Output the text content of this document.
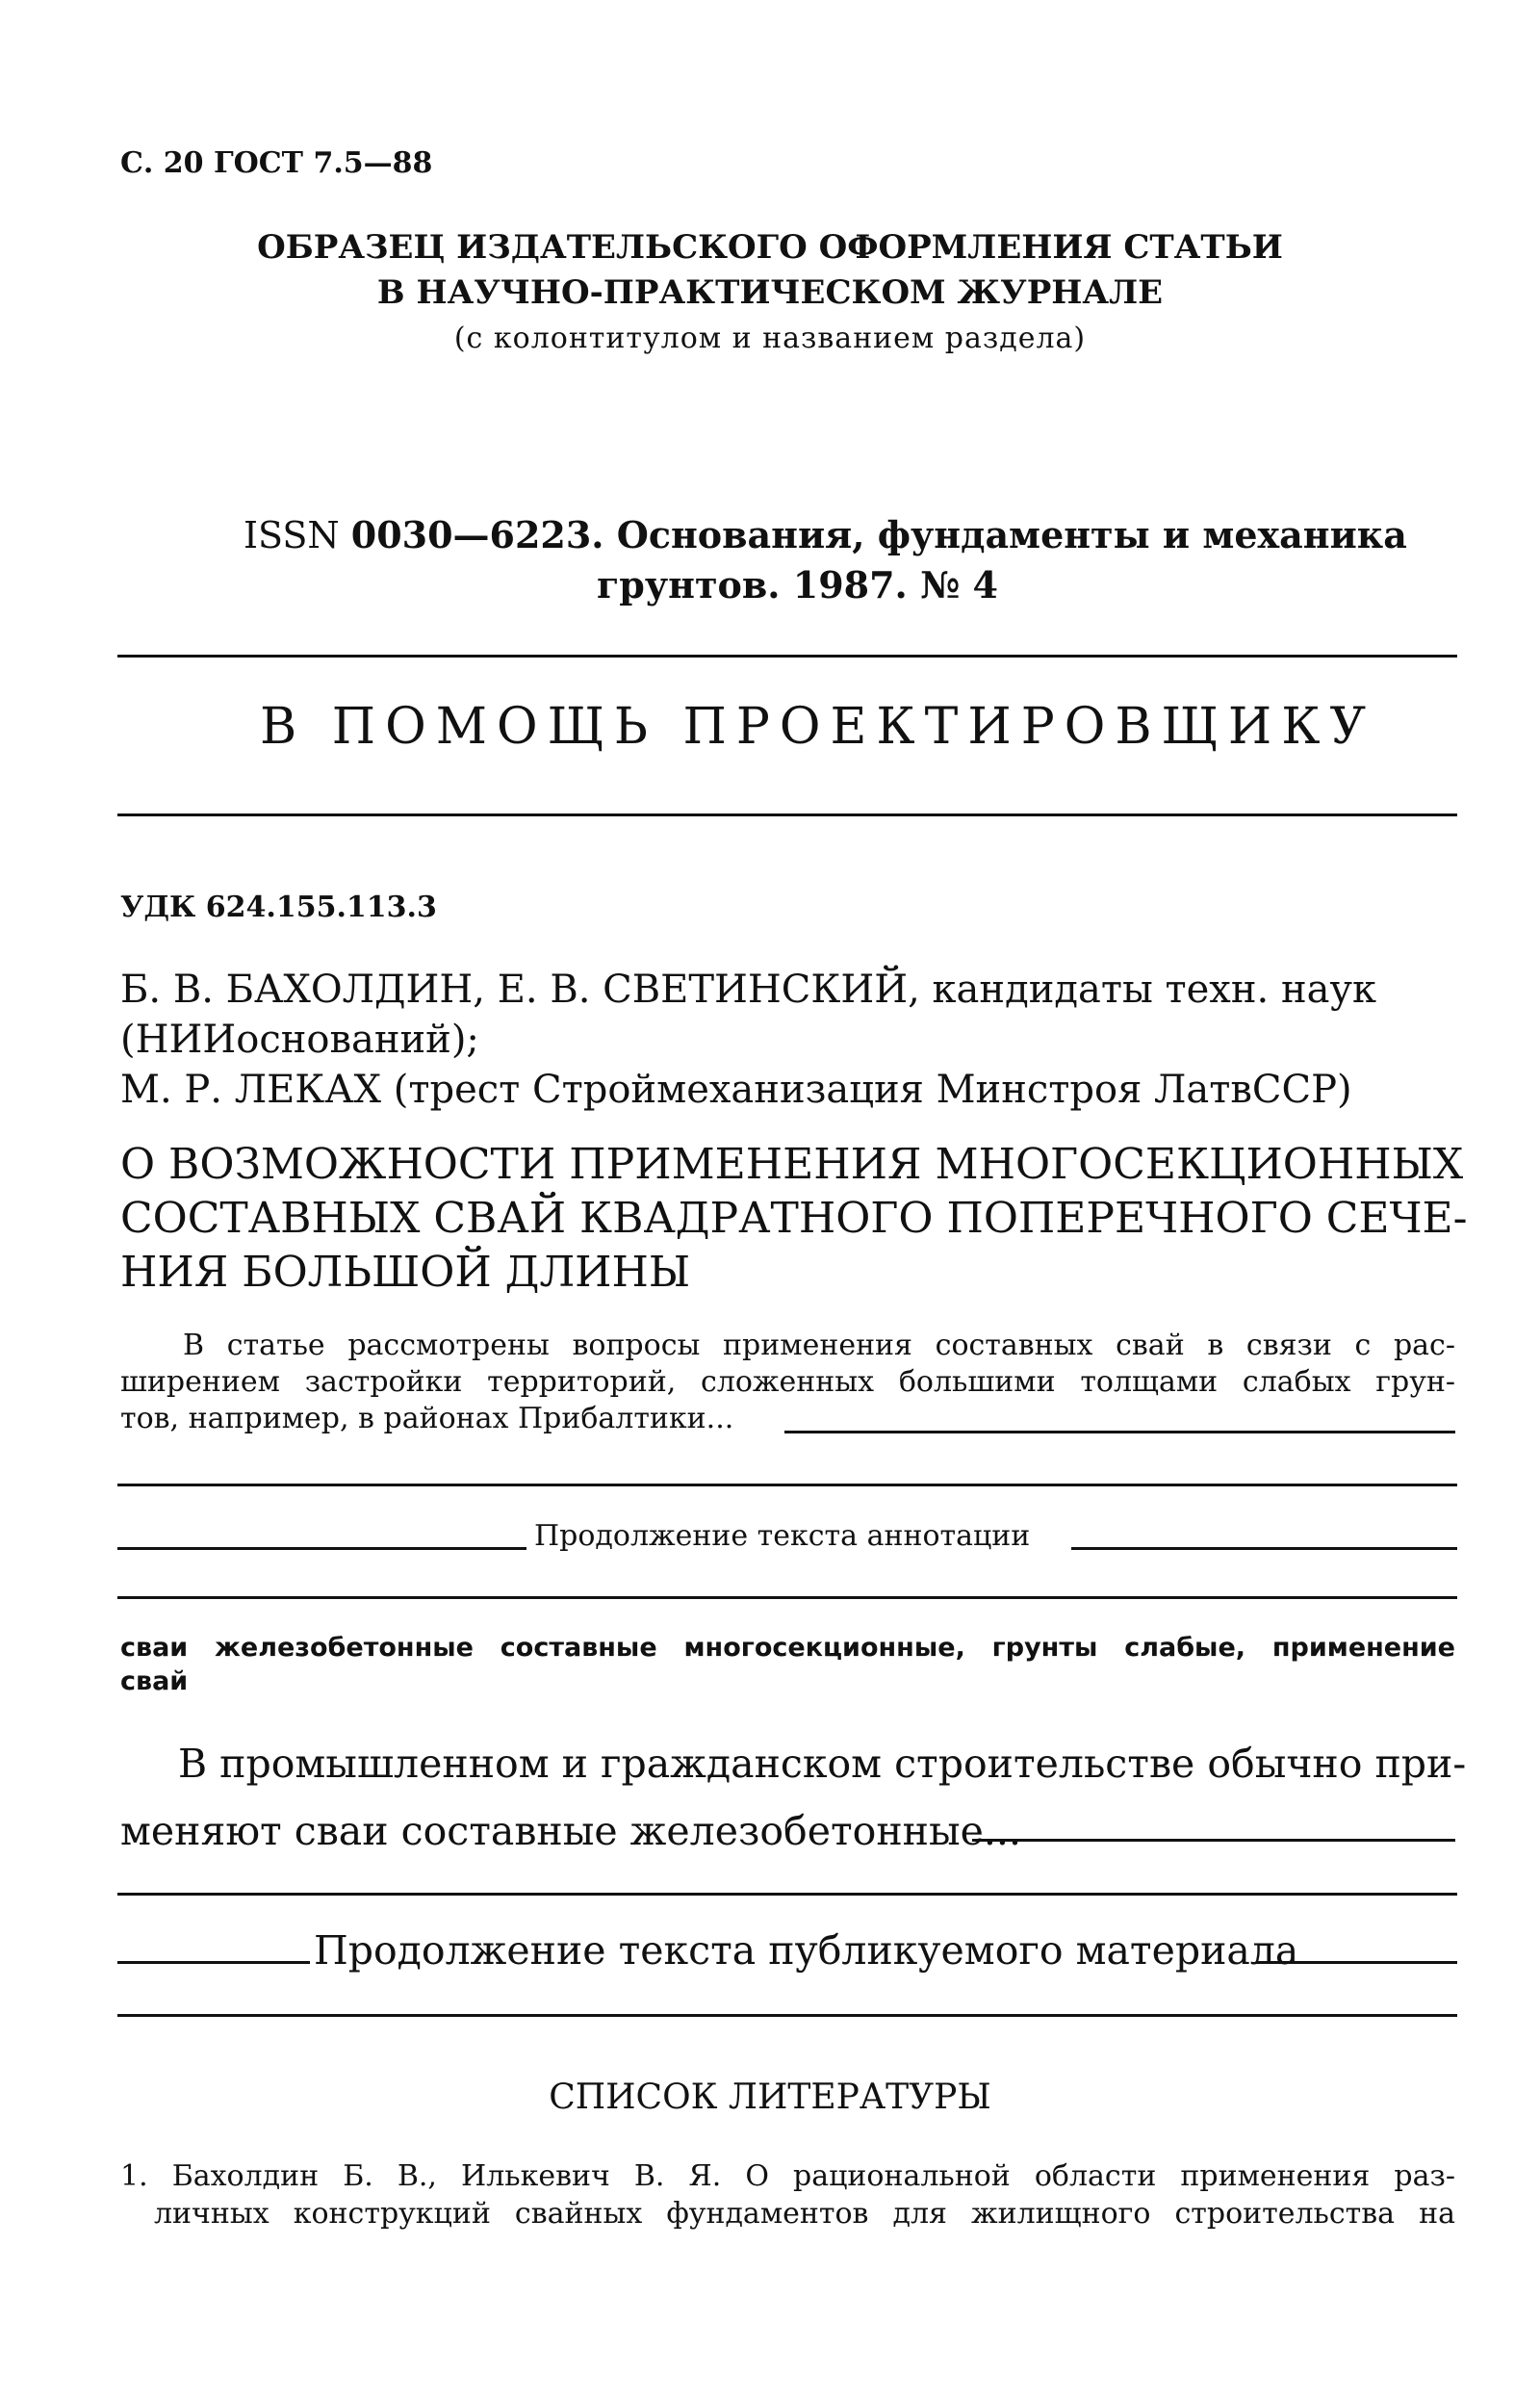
С. 20 ГОСТ 7.5—88
ОБРАЗЕЦ ИЗДАТЕЛЬСКОГО ОФОРМЛЕНИЯ СТАТЬИ
В НАУЧНО-ПРАКТИЧЕСКОМ ЖУРНАЛЕ
(с колонтитулом и названием раздела)
ISSN 0030—6223. Основания, фундаменты и механика
грунтов. 1987. № 4
В ПОМОЩЬ ПРОЕКТИРОВЩИКУ
УДК 624.155.113.3
Б. В. БАХОЛДИН, Е. В. СВЕТИНСКИЙ, кандидаты техн. наук
(НИИоснований);
М. Р. ЛЕКАХ (трест Строймеханизация Минстроя ЛатвССР)
О ВОЗМОЖНОСТИ ПРИМЕНЕНИЯ МНОГОСЕКЦИОННЫХ
СОСТАВНЫХ СВАЙ КВАДРАТНОГО ПОПЕРЕЧНОГО СЕЧЕ-
НИЯ БОЛЬШОЙ ДЛИНЫ
В статье рассмотрены вопросы применения составных свай в связи с рас-
ширением застройки территорий, сложенных большими толщами слабых грун-
тов, например, в районах Прибалтики...
Продолжение текста аннотации
сваи железобетонные составные многосекционные, грунты слабые, применение
свай
В промышленном и гражданском строительстве обычно при-
меняют сваи составные железобетонные...
Продолжение текста публикуемого материала
СПИСОК ЛИТЕРАТУРЫ
1. Бахолдин Б. В., Илькевич В. Я. О рациональной области применения раз-
личных конструкций свайных фундаментов для жилищного строительства на
